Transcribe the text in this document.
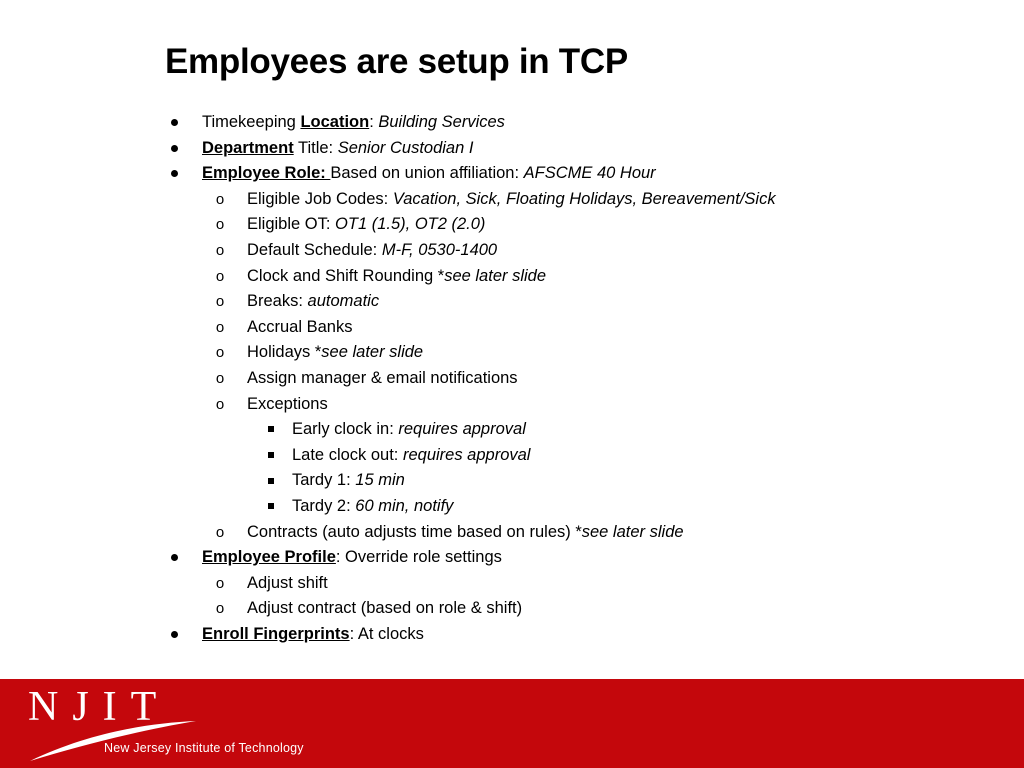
Employees are setup in TCP
Timekeeping Location: Building Services
Department Title: Senior Custodian I
Employee Role: Based on union affiliation: AFSCME 40 Hour
o	Eligible Job Codes: Vacation, Sick, Floating Holidays, Bereavement/Sick
o	Eligible OT: OT1 (1.5), OT2 (2.0)
o	Default Schedule: M-F, 0530-1400
o	Clock and Shift Rounding *see later slide
o	Breaks: automatic
o	Accrual Banks
o	Holidays *see later slide
o	Assign manager & email notifications
o	Exceptions
Early clock in: requires approval
Late clock out: requires approval
Tardy 1: 15 min
Tardy 2: 60 min, notify
o	Contracts (auto adjusts time based on rules) *see later slide
Employee Profile: Override role settings
o	Adjust shift
o	Adjust contract (based on role & shift)
Enroll Fingerprints: At clocks
NJIT
New Jersey Institute of Technology
